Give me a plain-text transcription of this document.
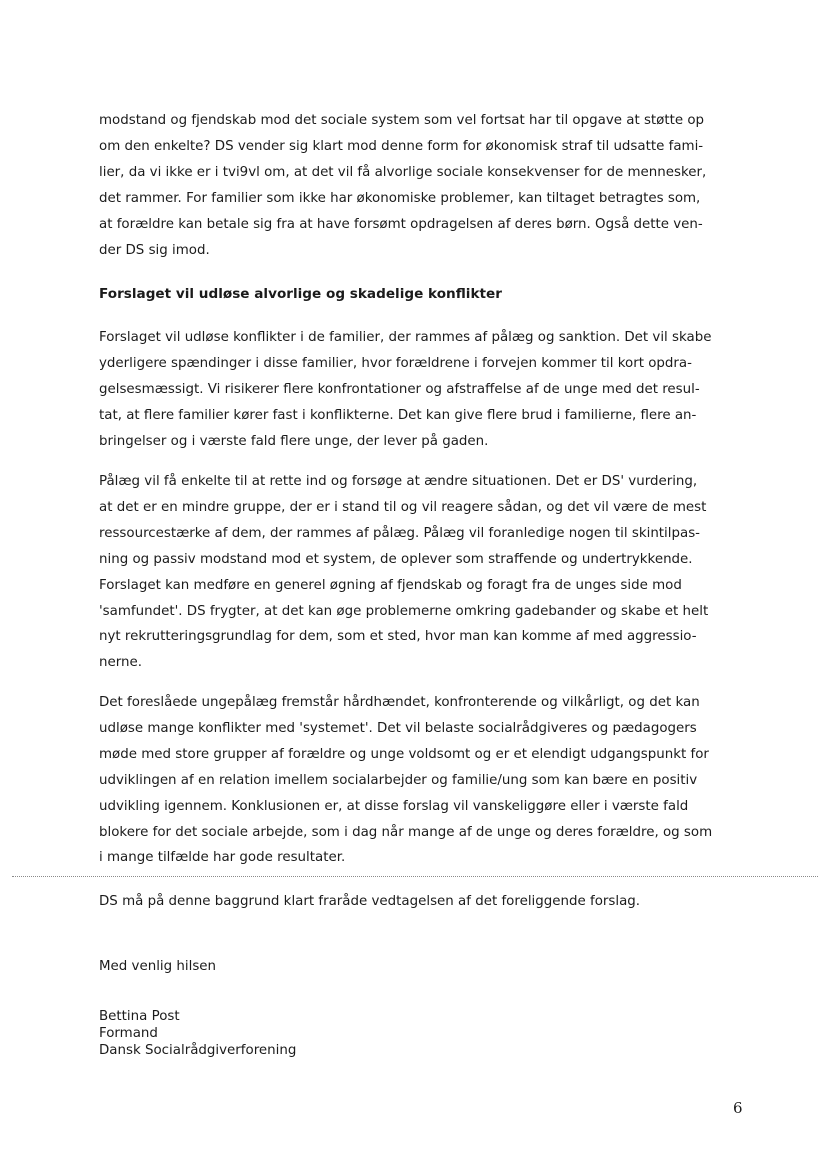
modstand og fjendskab mod det sociale system som vel fortsat har til opgave at støtte op
om den enkelte? DS vender sig klart mod denne form for økonomisk straf til udsatte fami-
lier, da vi ikke er i tvi9vl om, at det vil få alvorlige sociale konsekvenser for de mennesker,
det rammer. For familier som ikke har økonomiske problemer, kan tiltaget betragtes som,
at forældre kan betale sig fra at have forsømt opdragelsen af deres børn. Også dette ven-
der DS sig imod.

Forslaget vil udløse alvorlige og skadelige konflikter

Forslaget vil udløse konflikter i de familier, der rammes af pålæg og sanktion. Det vil skabe
yderligere spændinger i disse familier, hvor forældrene i forvejen kommer til kort opdra-
gelsesmæssigt. Vi risikerer flere konfrontationer og afstraffelse af de unge med det resul-
tat, at flere familier kører fast i konflikterne. Det kan give flere brud i familierne, flere an-
bringelser og i værste fald flere unge, der lever på gaden.

Pålæg vil få enkelte til at rette ind og forsøge at ændre situationen. Det er DS' vurdering,
at det er en mindre gruppe, der er i stand til og vil reagere sådan, og det vil være de mest
ressourcestærke af dem, der rammes af pålæg. Pålæg vil foranledige nogen til skintilpas-
ning og passiv modstand mod et system, de oplever som straffende og undertrykkende.
Forslaget kan medføre en generel øgning af fjendskab og foragt fra de unges side mod
'samfundet'. DS frygter, at det kan øge problemerne omkring gadebander og skabe et helt
nyt rekrutteringsgrundlag for dem, som et sted, hvor man kan komme af med aggressio-
nerne.

Det foreslåede ungepålæg fremstår hårdhændet, konfronterende og vilkårligt, og det kan
udløse mange konflikter med 'systemet'. Det vil belaste socialrådgiveres og pædagogers
møde med store grupper af forældre og unge voldsomt og er et elendigt udgangspunkt for
udviklingen af en relation imellem socialarbejder og familie/ung som kan bære en positiv
udvikling igennem. Konklusionen er, at disse forslag vil vanskeliggøre eller i værste fald
blokere for det sociale arbejde, som i dag når mange af de unge og deres forældre, og som
i mange tilfælde har gode resultater.

DS må på denne baggrund klart fraråde vedtagelsen af det foreliggende forslag.

Med venlig hilsen

Bettina Post
Formand
Dansk Socialrådgiverforening

6
